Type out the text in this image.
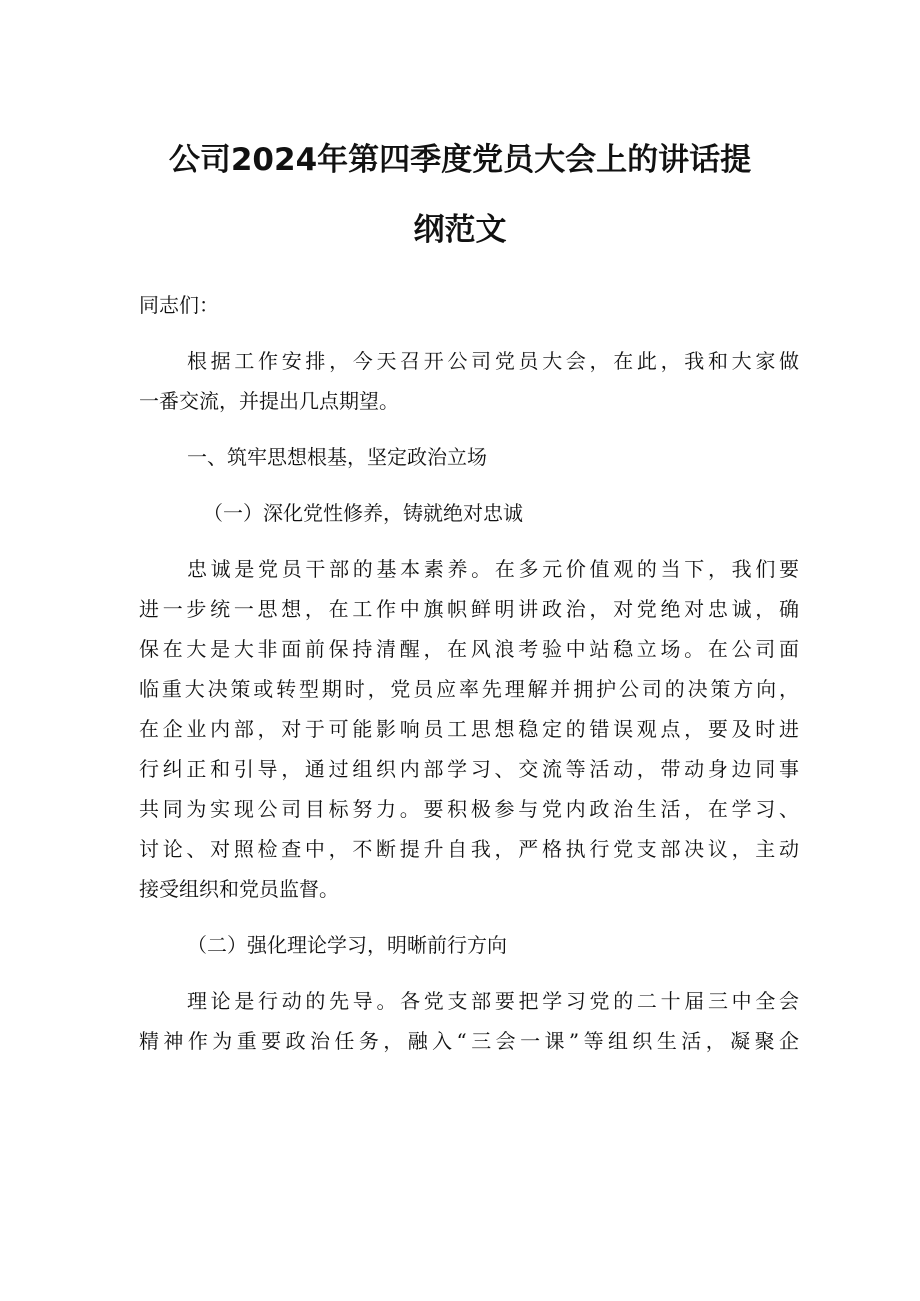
公司2024年第四季度党员大会上的讲话提
纲范文
同志们：
根据工作安排，今天召开公司党员大会，在此，我和大家做
一番交流，并提出几点期望。
一、筑牢思想根基，坚定政治立场
（一）深化党性修养，铸就绝对忠诚
忠诚是党员干部的基本素养。在多元价值观的当下，我们要
进一步统一思想，在工作中旗帜鲜明讲政治，对党绝对忠诚，确
保在大是大非面前保持清醒，在风浪考验中站稳立场。在公司面
临重大决策或转型期时，党员应率先理解并拥护公司的决策方向，
在企业内部，对于可能影响员工思想稳定的错误观点，要及时进
行纠正和引导，通过组织内部学习、交流等活动，带动身边同事
共同为实现公司目标努力。要积极参与党内政治生活，在学习、
讨论、对照检查中，不断提升自我，严格执行党支部决议，主动
接受组织和党员监督。
（二）强化理论学习，明晰前行方向
理论是行动的先导。各党支部要把学习党的二十届三中全会
精神作为重要政治任务，融入“三会一课”等组织生活，凝聚企
